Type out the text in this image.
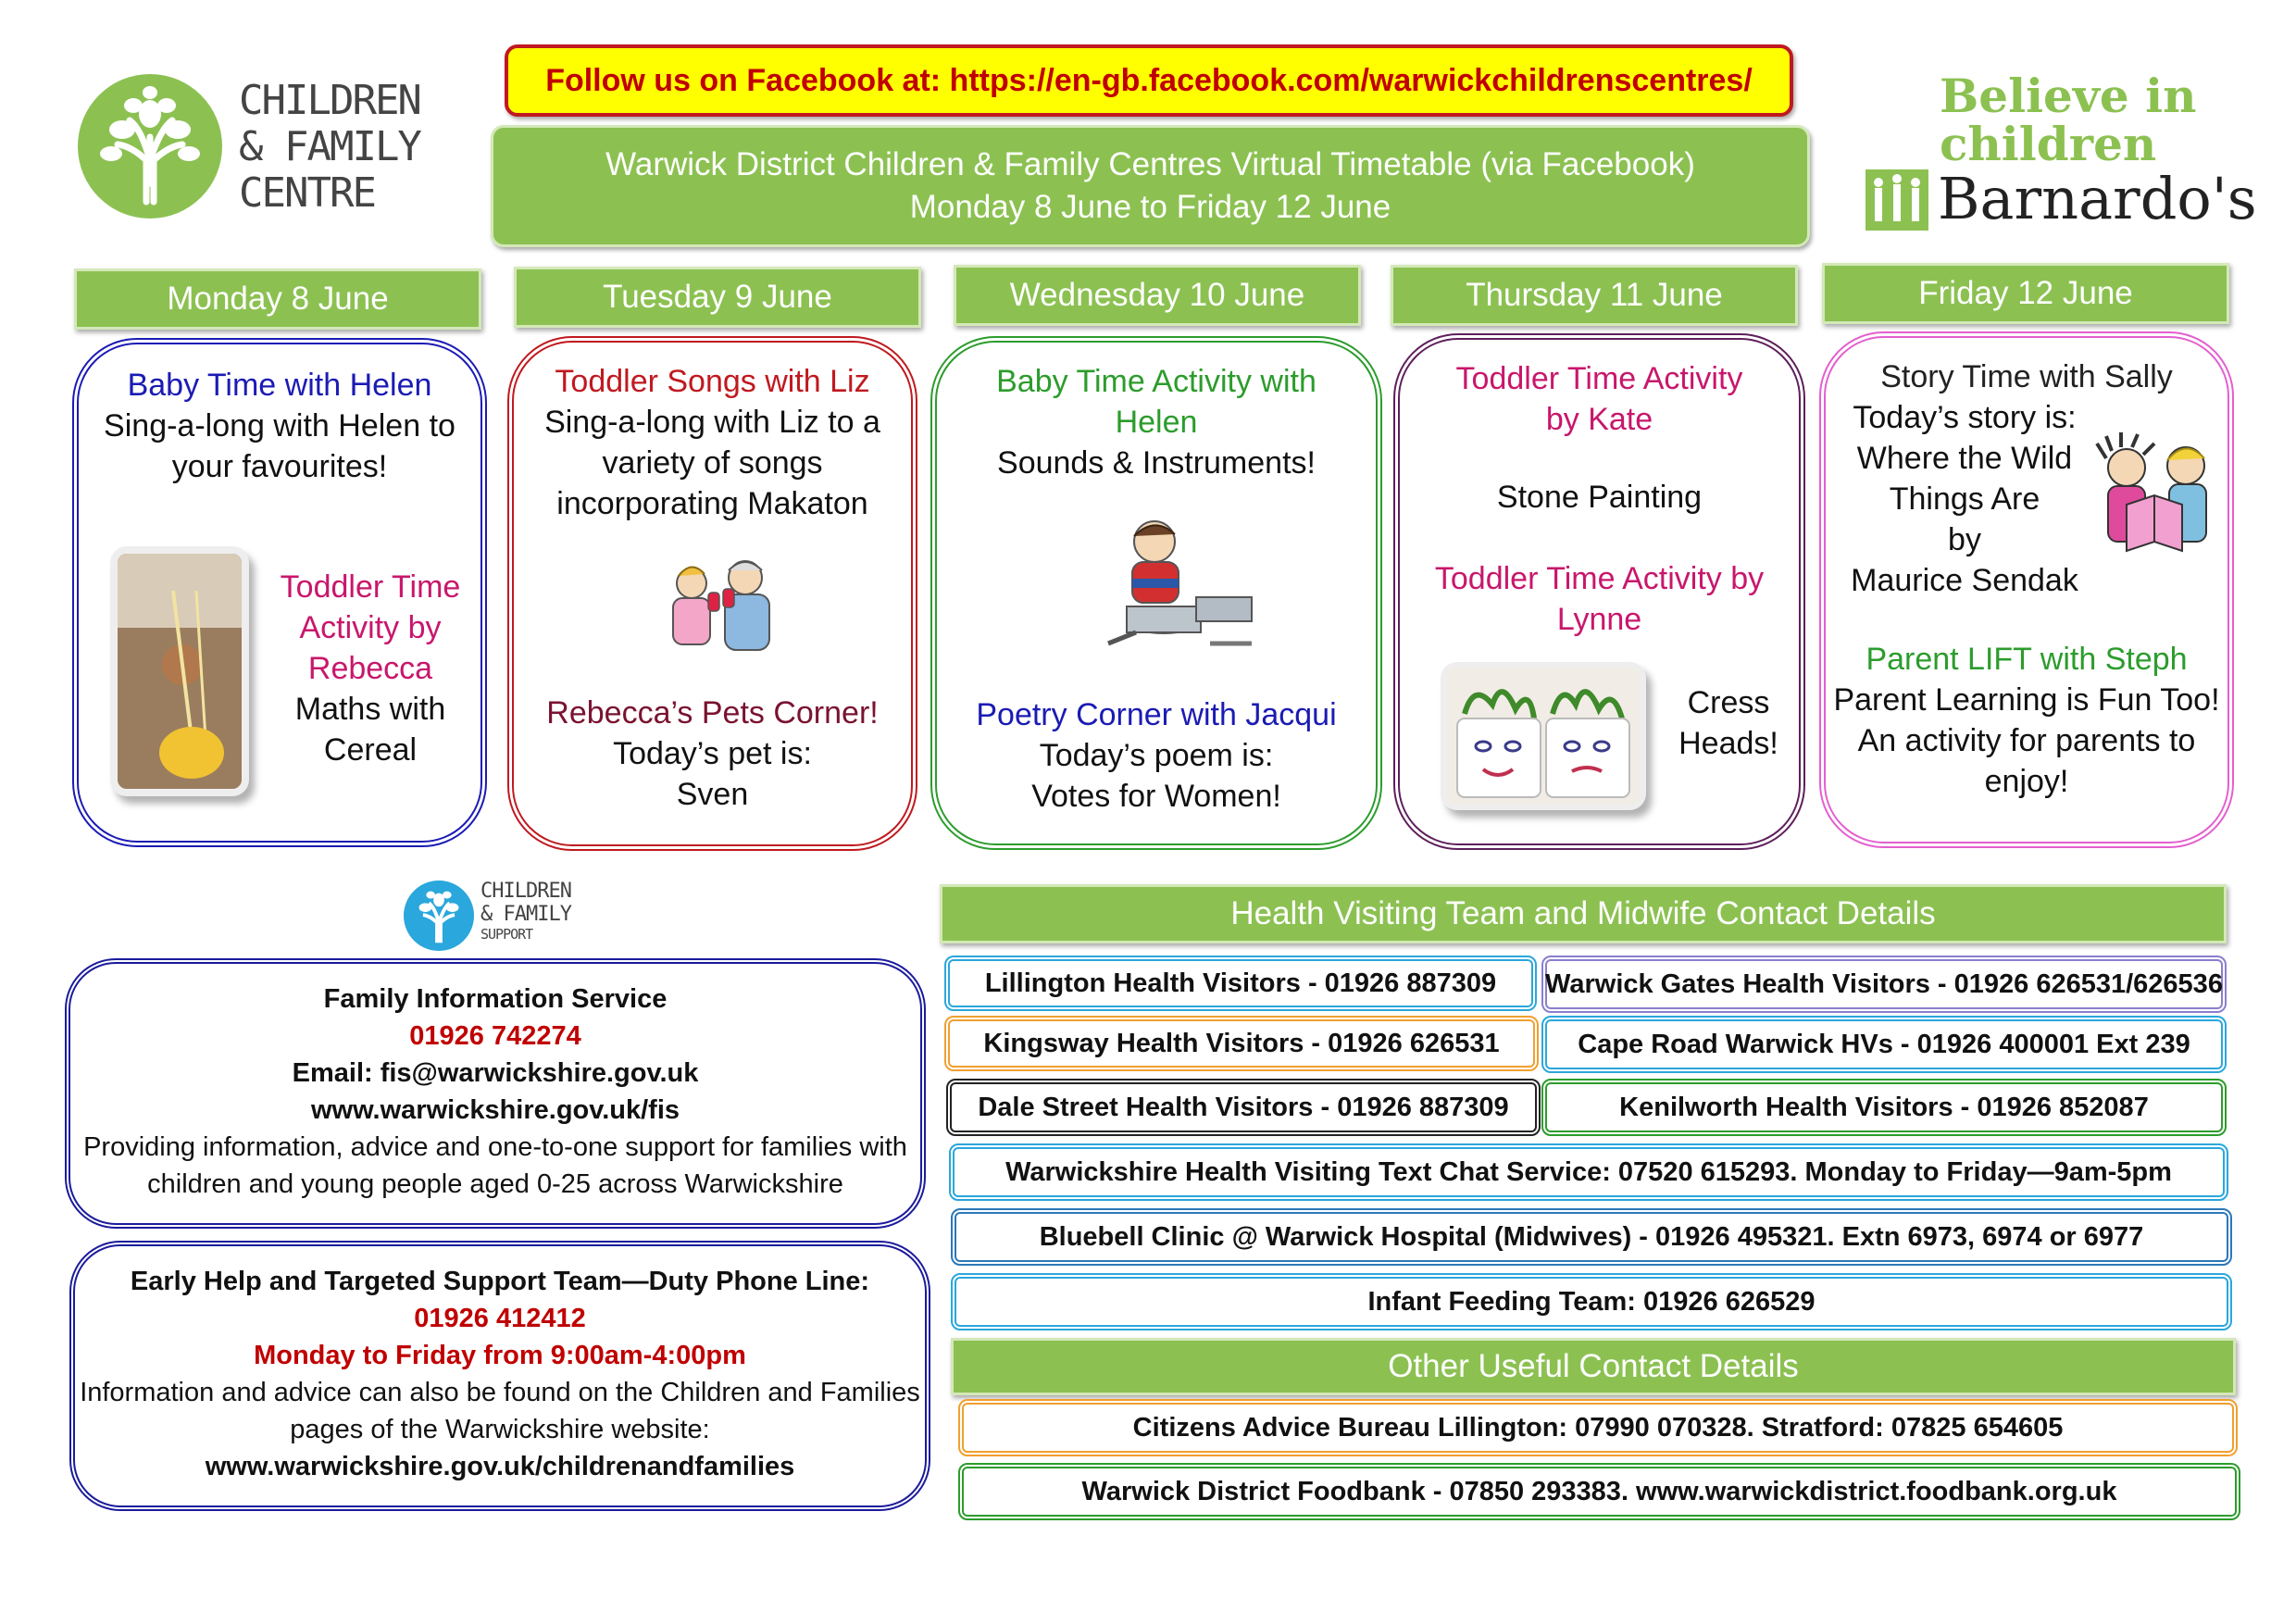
CHILDREN
& FAMILY
CENTRE
Follow us on Facebook at: https://en-gb.facebook.com/warwickchildrenscentres/
Warwick District Children & Family Centres Virtual Timetable (via Facebook)
Monday 8 June to Friday 12 June
Believe in
children
Barnardo's
Monday 8 June	Tuesday 9 June	Wednesday 10 June	Thursday 11 June	Friday 12 June
Baby Time with Helen
Sing-a-long with Helen to
your favourites!
Toddler Time
Activity by
Rebecca
Maths with
Cereal
Toddler Songs with Liz
Sing-a-long with Liz to a
variety of songs
incorporating Makaton
Rebecca’s Pets Corner!
Today’s pet is:
Sven
Baby Time Activity with
Helen
Sounds & Instruments!
Poetry Corner with Jacqui
Today’s poem is:
Votes for Women!
Toddler Time Activity
by Kate
Stone Painting
Toddler Time Activity by
Lynne
Cress
Heads!
Story Time with Sally
Today’s story is:
Where the Wild
Things Are
by
Maurice Sendak
Parent LIFT with Steph
Parent Learning is Fun Too!
An activity for parents to
enjoy!
CHILDREN
& FAMILY
SUPPORT
Family Information Service
01926 742274
Email: fis@warwickshire.gov.uk
www.warwickshire.gov.uk/fis
Providing information, advice and one-to-one support for families with
children and young people aged 0-25 across Warwickshire
Early Help and Targeted Support Team—Duty Phone Line:
01926 412412
Monday to Friday from 9:00am-4:00pm
Information and advice can also be found on the Children and Families
pages of the Warwickshire website:
www.warwickshire.gov.uk/childrenandfamilies
Health Visiting Team and Midwife Contact Details
Lillington Health Visitors - 01926 887309 Warwick Gates Health Visitors - 01926 626531/626536
Kingsway Health Visitors - 01926 626531	Cape Road Warwick HVs - 01926 400001 Ext 239
Dale Street Health Visitors - 01926 887309	Kenilworth Health Visitors - 01926 852087
Warwickshire Health Visiting Text Chat Service: 07520 615293. Monday to Friday—9am-5pm
Bluebell Clinic @ Warwick Hospital (Midwives) - 01926 495321. Extn 6973, 6974 or 6977
Infant Feeding Team: 01926 626529
Other Useful Contact Details
Citizens Advice Bureau Lillington: 07990 070328. Stratford: 07825 654605
Warwick District Foodbank - 07850 293383. www.warwickdistrict.foodbank.org.uk
